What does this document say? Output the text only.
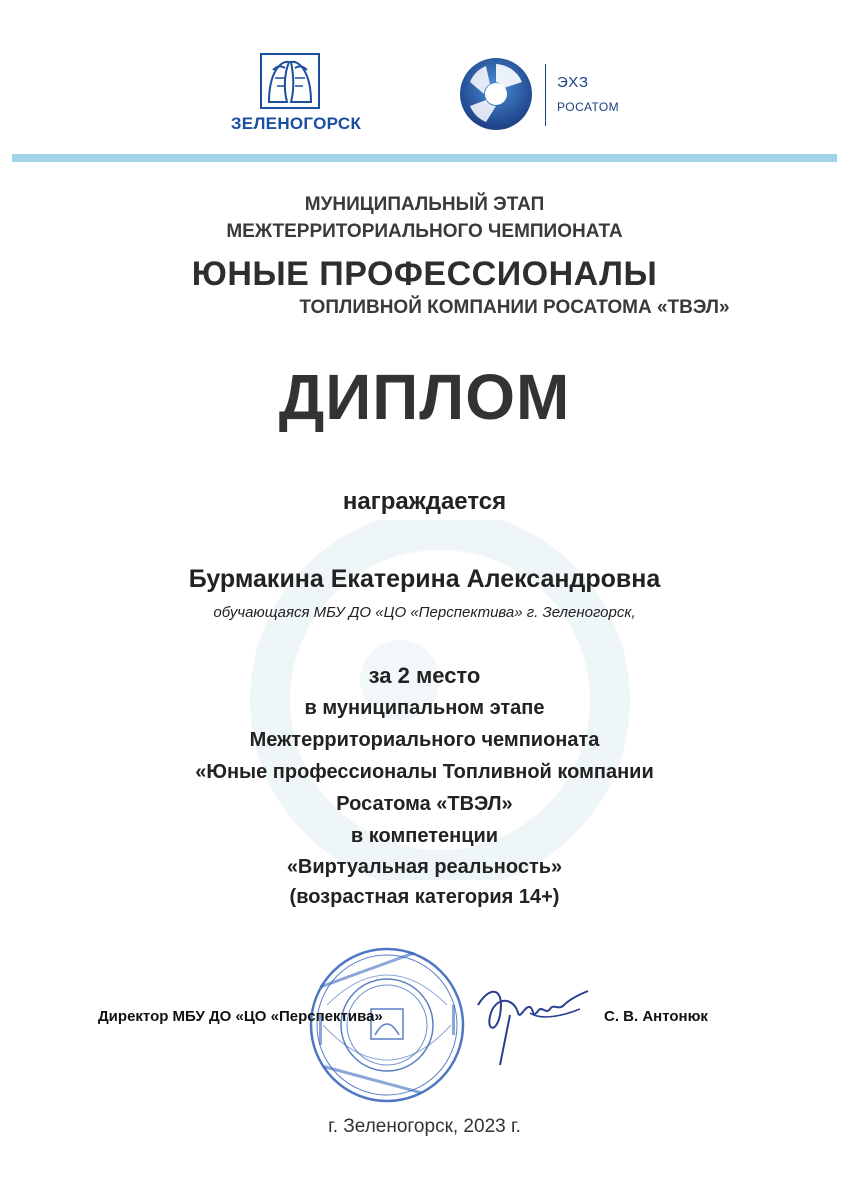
ЗЕЛЕНОГОРСК
ЭХЗ
РОСАТОМ
МУНИЦИПАЛЬНЫЙ ЭТАП
МЕЖТЕРРИТОРИАЛЬНОГО ЧЕМПИОНАТА
ЮНЫЕ ПРОФЕССИОНАЛЫ
ТОПЛИВНОЙ КОМПАНИИ РОСАТОМА «ТВЭЛ»
ДИПЛОМ
награждается
Бурмакина Екатерина Александровна
обучающаяся МБУ ДО «ЦО «Перспектива» г. Зеленогорск,
за 2 место
в муниципальном этапе
Межтерриториального чемпионата
«Юные профессионалы Топливной компании
Росатома «ТВЭЛ»
в компетенции
«Виртуальная реальность»
(возрастная категория 14+)
Директор МБУ ДО «ЦО «Перспектива»	С. В. Антонюк
г. Зеленогорск, 2023 г.
